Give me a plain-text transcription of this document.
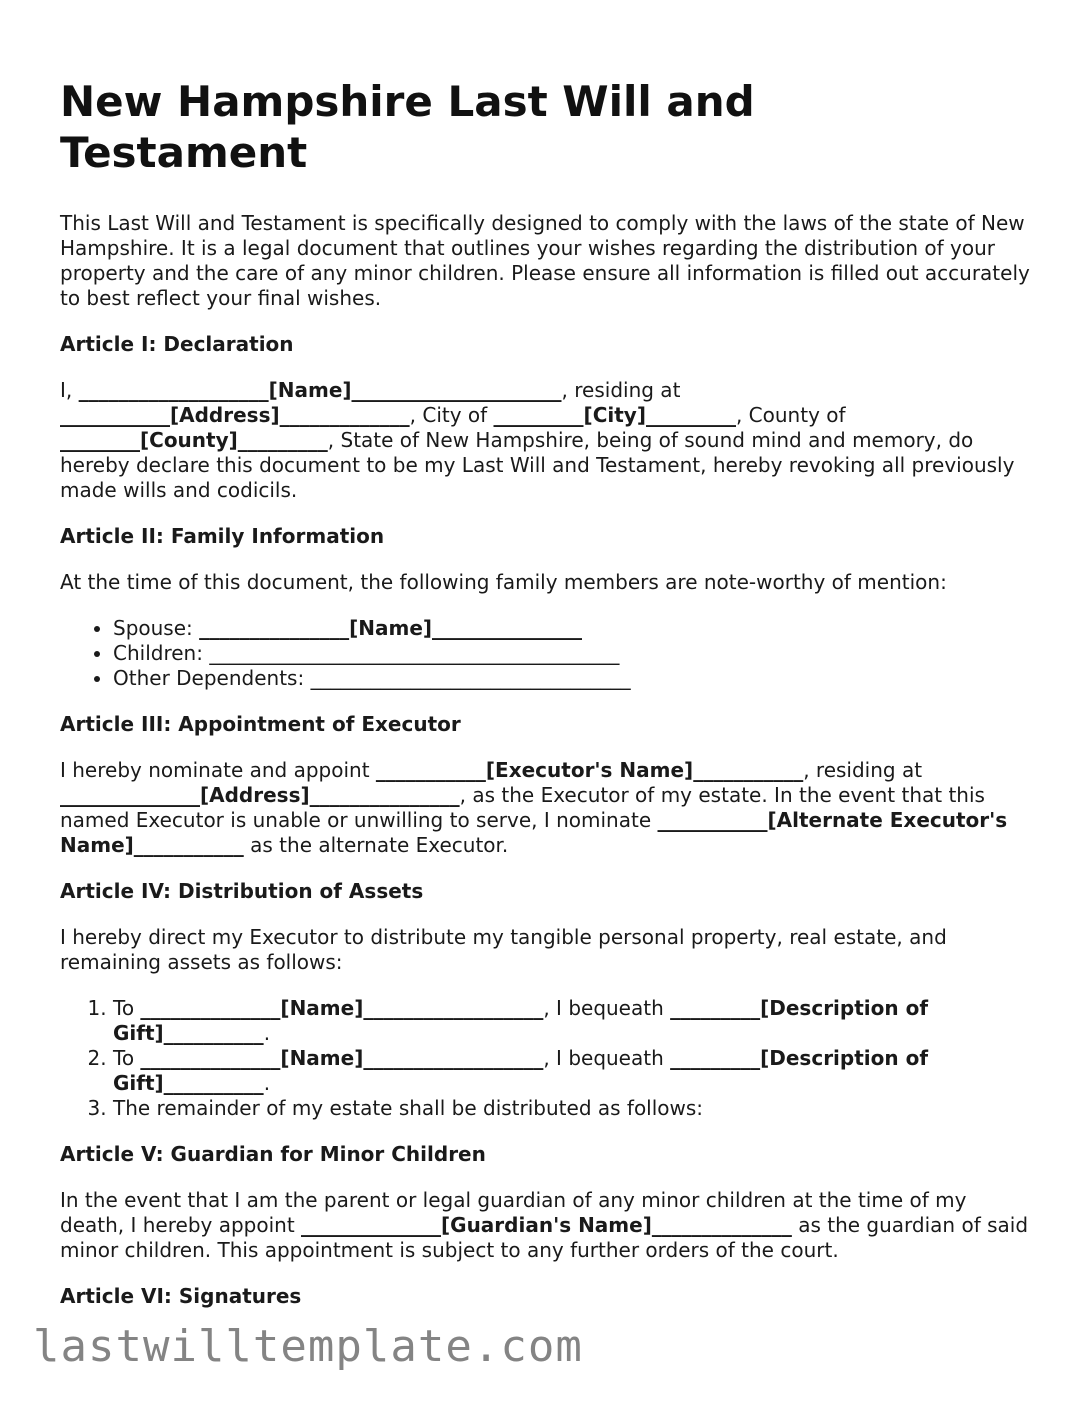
New Hampshire Last Will and Testament

This Last Will and Testament is specifically designed to comply with the laws of the state of New Hampshire. It is a legal document that outlines your wishes regarding the distribution of your property and the care of any minor children. Please ensure all information is filled out accurately to best reflect your final wishes.

Article I: Declaration

I, ___________________[Name]_____________________, residing at ___________[Address]_____________, City of _________[City]_________, County of ________[County]_________, State of New Hampshire, being of sound mind and memory, do hereby declare this document to be my Last Will and Testament, hereby revoking all previously made wills and codicils.

Article II: Family Information

At the time of this document, the following family members are note-worthy of mention:

• Spouse: _______________[Name]_______________
• Children: _________________________________________
• Other Dependents: ________________________________
Article III: Appointment of Executor

I hereby nominate and appoint ___________[Executor's Name]___________, residing at ______________[Address]_______________, as the Executor of my estate. In the event that this named Executor is unable or unwilling to serve, I nominate ___________[Alternate Executor's Name]___________ as the alternate Executor.

Article IV: Distribution of Assets

I hereby direct my Executor to distribute my tangible personal property, real estate, and remaining assets as follows:

1. To ______________[Name]__________________, I bequeath _________[Description of Gift]__________.
2. To ______________[Name]__________________, I bequeath _________[Description of Gift]__________.
3. The remainder of my estate shall be distributed as follows:
Article V: Guardian for Minor Children

In the event that I am the parent or legal guardian of any minor children at the time of my death, I hereby appoint ______________[Guardian's Name]______________ as the guardian of said minor children. This appointment is subject to any further orders of the court.

Article VI: Signatures
lastwilltemplate.com
